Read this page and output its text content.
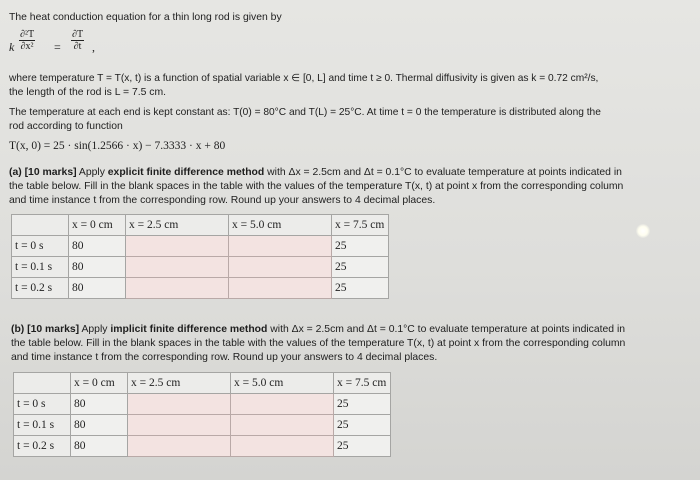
The heat conduction equation for a thin long rod is given by
k $\frac{\text{∂²T}}{\text{∂x²}} = \frac{\partial T}{\partial t}$ ,
where temperature T = T(x, t) is a function of spatial variable x ∈ [0, L] and time t ≥ 0. Thermal diffusivity is given as k = 0.72 cm²/s,
the length of the rod is L = 7.5 cm.
The temperature at each end is kept constant as: T(0) = 80°C and T(L) = 25°C. At time t = 0 the temperature is distributed along the
rod according to function
T(x, 0) = 25 · sin(1.2566 · x) − 7.3333 · x + 80
(a) [10 marks] Apply explicit finite difference method with Δx = 2.5cm and Δt = 0.1°C to evaluate temperature at points indicated in
the table below. Fill in the blank spaces in the table with the values of the temperature T(x, t) at point x from the corresponding column
and time instance t from the corresponding row. Round up your answers to 4 decimal places.
	x = 0 cm	x = 2.5 cm	x = 5.0 cm	x = 7.5 cm
t = 0 s	80			25
t = 0.1 s	80			25
t = 0.2 s	80			25
(b) [10 marks] Apply implicit finite difference method with Δx = 2.5cm and Δt = 0.1°C to evaluate temperature at points indicated in
the table below. Fill in the blank spaces in the table with the values of the temperature T(x, t) at point x from the corresponding column
and time instance t from the corresponding row. Round up your answers to 4 decimal places.
	x = 0 cm	x = 2.5 cm	x = 5.0 cm	x = 7.5 cm
t = 0 s	80			25
t = 0.1 s	80			25
t = 0.2 s	80			25
